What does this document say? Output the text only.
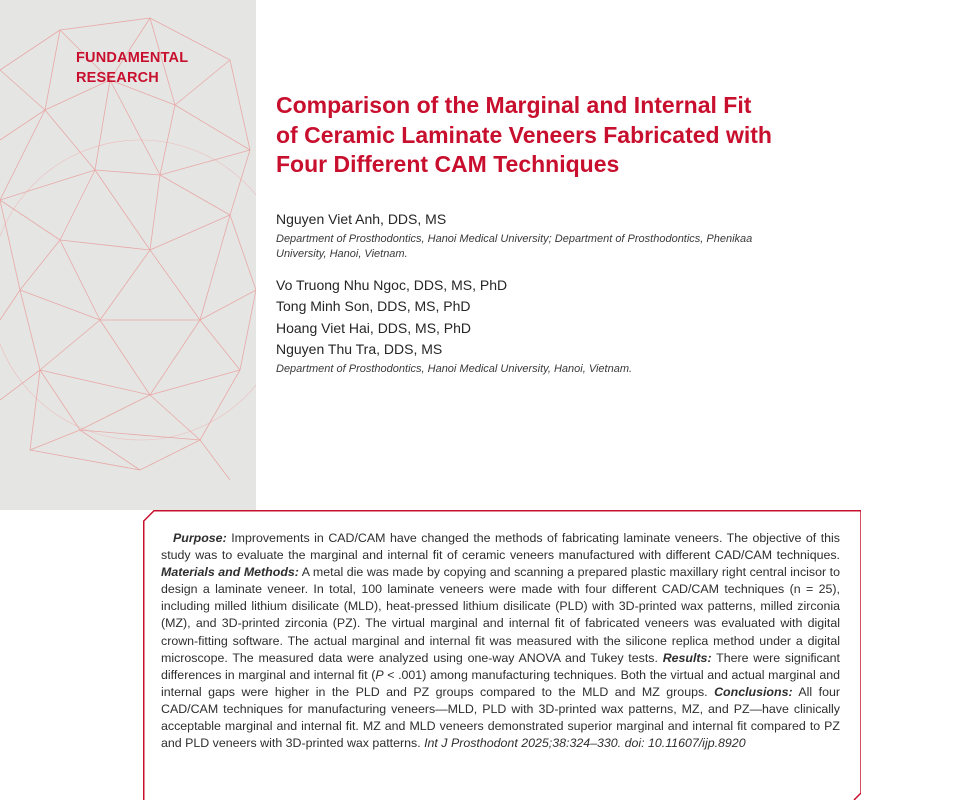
FUNDAMENTAL
RESEARCH
Comparison of the Marginal and Internal Fit
of Ceramic Laminate Veneers Fabricated with
Four Different CAM Techniques
Nguyen Viet Anh, DDS, MS
Department of Prosthodontics, Hanoi Medical University; Department of Prosthodontics, Phenikaa
University, Hanoi, Vietnam.
Vo Truong Nhu Ngoc, DDS, MS, PhD
Tong Minh Son, DDS, MS, PhD
Hoang Viet Hai, DDS, MS, PhD
Nguyen Thu Tra, DDS, MS
Department of Prosthodontics, Hanoi Medical University, Hanoi, Vietnam.

Purpose: Improvements in CAD/CAM have changed the methods of fabricating laminate veneers. The objective of this study was to evaluate the marginal and internal fit of ceramic veneers manufactured with different CAD/CAM techniques. Materials and Methods: A metal die was made by copying and scanning a prepared plastic maxillary right central incisor to design a laminate veneer. In total, 100 laminate veneers were made with four different CAD/CAM techniques (n = 25), including milled lithium disilicate (MLD), heat-pressed lithium disilicate (PLD) with 3D-printed wax patterns, milled zirconia (MZ), and 3D-printed zirconia (PZ). The virtual marginal and internal fit of fabricated veneers was evaluated with digital crown-fitting software. The actual marginal and internal fit was measured with the silicone replica method under a digital microscope. The measured data were analyzed using one-way ANOVA and Tukey tests. Results: There were significant differences in marginal and internal fit (P < .001) among manufacturing techniques. Both the virtual and actual marginal and internal gaps were higher in the PLD and PZ groups compared to the MLD and MZ groups. Conclusions: All four CAD/CAM techniques for manufacturing veneers—MLD, PLD with 3D-printed wax patterns, MZ, and PZ—have clinically acceptable marginal and internal fit. MZ and MLD veneers demonstrated superior marginal and internal fit compared to PZ and PLD veneers with 3D-printed wax patterns. Int J Prosthodont 2025;38:324–330. doi: 10.11607/ijp.8920
